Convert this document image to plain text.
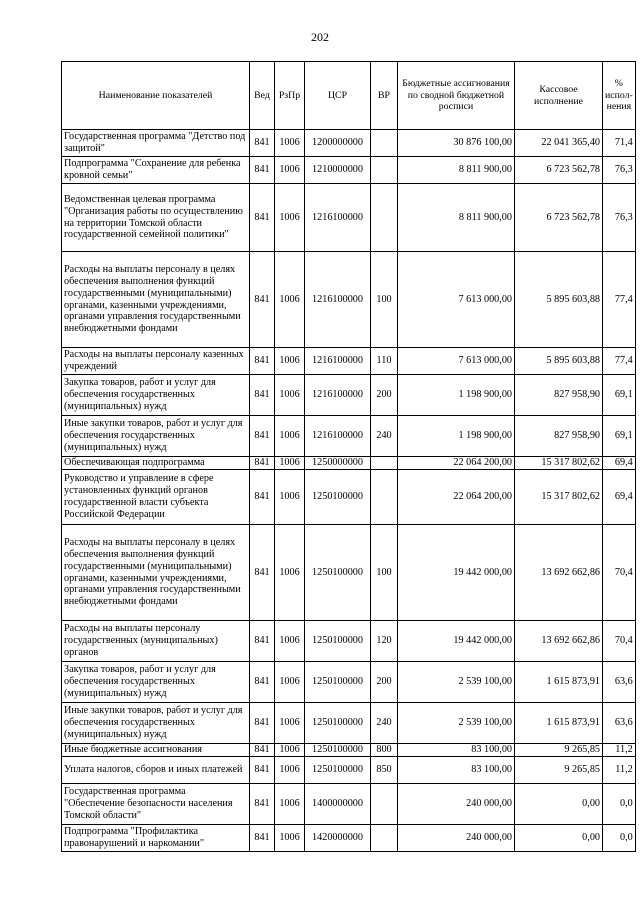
202
Наименование показателей	Вед	РзПр	ЦСР	ВР	Бюджетные ассигнования по сводной бюджетной росписи	Кассовое исполнение	% испол-нения
Государственная программа "Детство под защитой"	841	1006	1200000000		30 876 100,00	22 041 365,40	71,4
Подпрограмма "Сохранение для ребенка кровной семьи"	841	1006	1210000000		8 811 900,00	6 723 562,78	76,3
Ведомственная целевая программа "Организация работы по осуществлению на территории Томской области государственной семейной политики"	841	1006	1216100000		8 811 900,00	6 723 562,78	76,3
Расходы на выплаты персоналу в целях обеспечения выполнения функций государственными (муниципальными) органами, казенными учреждениями, органами управления государственными внебюджетными фондами	841	1006	1216100000	100	7 613 000,00	5 895 603,88	77,4
Расходы на выплаты персоналу казенных учреждений	841	1006	1216100000	110	7 613 000,00	5 895 603,88	77,4
Закупка товаров, работ и услуг для обеспечения государственных (муниципальных) нужд	841	1006	1216100000	200	1 198 900,00	827 958,90	69,1
Иные закупки товаров, работ и услуг для обеспечения государственных (муниципальных) нужд	841	1006	1216100000	240	1 198 900,00	827 958,90	69,1
Обеспечивающая подпрограмма	841	1006	1250000000		22 064 200,00	15 317 802,62	69,4
Руководство и управление в сфере установленных функций органов государственной власти субъекта Российской Федерации	841	1006	1250100000		22 064 200,00	15 317 802,62	69,4
Расходы на выплаты персоналу в целях обеспечения выполнения функций государственными (муниципальными) органами, казенными учреждениями, органами управления государственными внебюджетными фондами	841	1006	1250100000	100	19 442 000,00	13 692 662,86	70,4
Расходы на выплаты персоналу государственных (муниципальных) органов	841	1006	1250100000	120	19 442 000,00	13 692 662,86	70,4
Закупка товаров, работ и услуг для обеспечения государственных (муниципальных) нужд	841	1006	1250100000	200	2 539 100,00	1 615 873,91	63,6
Иные закупки товаров, работ и услуг для обеспечения государственных (муниципальных) нужд	841	1006	1250100000	240	2 539 100,00	1 615 873,91	63,6
Иные бюджетные ассигнования	841	1006	1250100000	800	83 100,00	9 265,85	11,2
Уплата налогов, сборов и иных платежей	841	1006	1250100000	850	83 100,00	9 265,85	11,2
Государственная программа "Обеспечение безопасности населения Томской области"	841	1006	1400000000		240 000,00	0,00	0,0
Подпрограмма "Профилактика правонарушений и наркомании"	841	1006	1420000000		240 000,00	0,00	0,0
